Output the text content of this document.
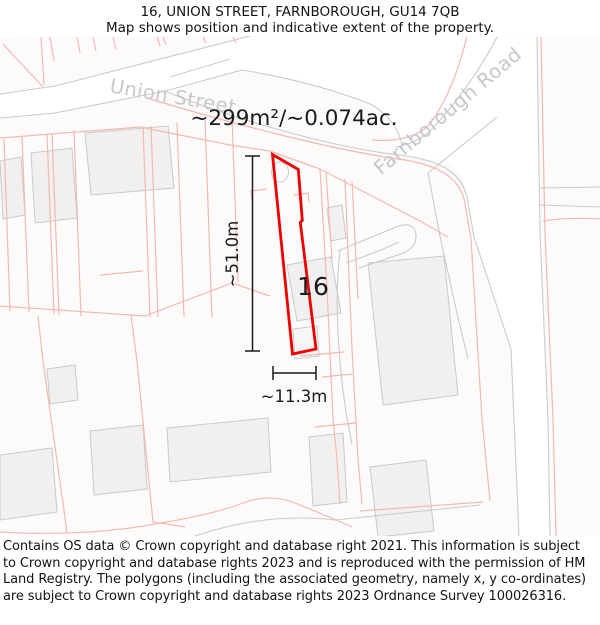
16, UNION STREET, FARNBOROUGH, GU14 7QB
Map shows position and indicative extent of the property.
Union Street	Farnborough Road
~299m²/~0.074ac.
16
~51.0m
~11.3m
Contains OS data © Crown copyright and database right 2021. This information is subject to Crown copyright and database rights 2023 and is reproduced with the permission of HM Land Registry. The polygons (including the associated geometry, namely x, y co-ordinates) are subject to Crown copyright and database rights 2023 Ordnance Survey 100026316.
